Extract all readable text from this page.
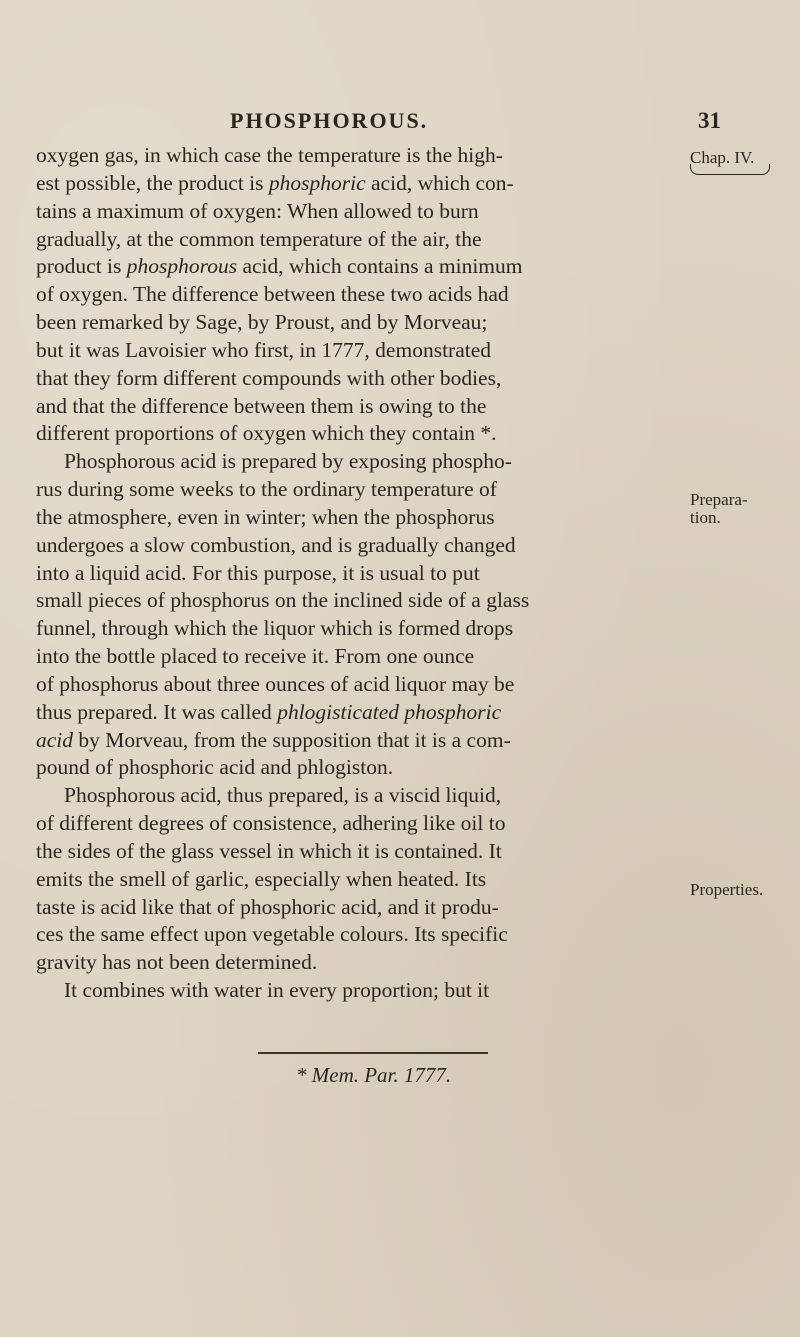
PHOSPHOROUS.	31
Chap. IV.
Prepara-
tion.
Properties.
oxygen gas, in which case the temperature is the high-
est possible, the product is phosphoric acid, which con-
tains a maximum of oxygen: When allowed to burn
gradually, at the common temperature of the air, the
product is phosphorous acid, which contains a minimum
of oxygen. The difference between these two acids had
been remarked by Sage, by Proust, and by Morveau;
but it was Lavoisier who first, in 1777, demonstrated
that they form different compounds with other bodies,
and that the difference between them is owing to the
different proportions of oxygen which they contain *.
Phosphorous acid is prepared by exposing phospho-
rus during some weeks to the ordinary temperature of
the atmosphere, even in winter; when the phosphorus
undergoes a slow combustion, and is gradually changed
into a liquid acid. For this purpose, it is usual to put
small pieces of phosphorus on the inclined side of a glass
funnel, through which the liquor which is formed drops
into the bottle placed to receive it. From one ounce
of phosphorus about three ounces of acid liquor may be
thus prepared. It was called phlogisticated phosphoric
acid by Morveau, from the supposition that it is a com-
pound of phosphoric acid and phlogiston.
Phosphorous acid, thus prepared, is a viscid liquid,
of different degrees of consistence, adhering like oil to
the sides of the glass vessel in which it is contained. It
emits the smell of garlic, especially when heated. Its
taste is acid like that of phosphoric acid, and it produ-
ces the same effect upon vegetable colours. Its specific
gravity has not been determined.
It combines with water in every proportion; but it
* Mem. Par. 1777.
